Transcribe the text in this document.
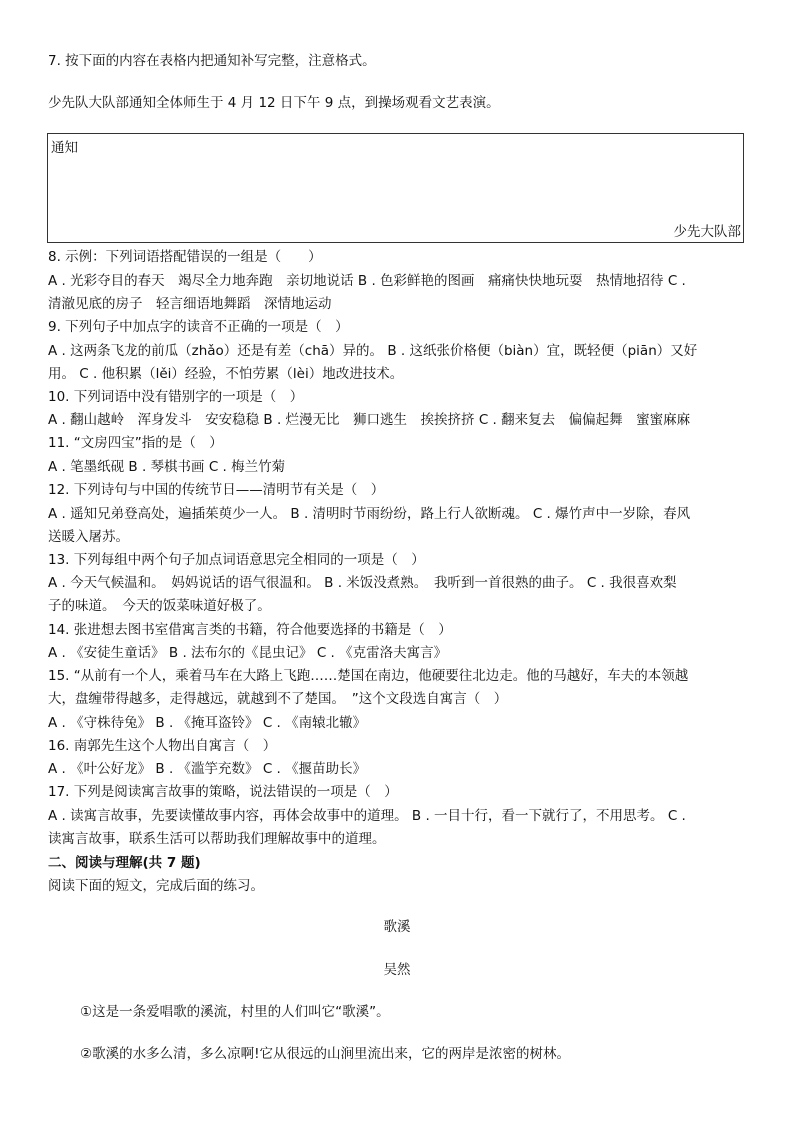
7. 按下面的内容在表格内把通知补写完整，注意格式。
少先队大队部通知全体师生于 4 月 12 日下午 9 点，到操场观看文艺表演。
通知
少先大队部
8. 示例：下列词语搭配错误的一组是（　　）
A . 光彩夺目的春天　竭尽全力地奔跑　亲切地说话 B . 色彩鲜艳的图画　痛痛快快地玩耍　热情地招待 C .
清澈见底的房子　轻言细语地舞蹈　深情地运动
9. 下列句子中加点字的读音不正确的一项是（　）
A . 这两条飞龙的前瓜（zhǎo）还是有差（chā）异的。 B . 这纸张价格便（biàn）宜，既轻便（piān）又好
用。 C . 他积累（lěi）经验，不怕劳累（lèi）地改进技术。
10. 下列词语中没有错别字的一项是（　）
A . 翻山越岭　浑身发斗　安安稳稳 B . 烂漫无比　狮口逃生　挨挨挤挤 C . 翻来复去　偏偏起舞　蜜蜜麻麻
11. “文房四宝”指的是（　）
A . 笔墨纸砚 B . 琴棋书画 C . 梅兰竹菊
12. 下列诗句与中国的传统节日——清明节有关是（　）
A . 遥知兄弟登高处，遍插茱萸少一人。 B . 清明时节雨纷纷，路上行人欲断魂。 C . 爆竹声中一岁除，春风
送暖入屠苏。
13. 下列每组中两个句子加点词语意思完全相同的一项是（　）
A . 今天气候温和。　妈妈说话的语气很温和。 B . 米饭没煮熟。　我听到一首很熟的曲子。 C . 我很喜欢梨
子的味道。　今天的饭菜味道好极了。
14. 张进想去图书室借寓言类的书籍，符合他要选择的书籍是（　）
A . 《安徒生童话》 B . 法布尔的《昆虫记》 C . 《克雷洛夫寓言》
15. “从前有一个人，乘着马车在大路上飞跑……楚国在南边，他硬要往北边走。他的马越好，车夫的本领越
大，盘缠带得越多，走得越远，就越到不了楚国。　”这个文段选自寓言（　）
A . 《守株待兔》 B . 《掩耳盗铃》 C . 《南辕北辙》
16. 南郭先生这个人物出自寓言（　）
A . 《叶公好龙》 B . 《滥竽充数》 C . 《揠苗助长》
17. 下列是阅读寓言故事的策略，说法错误的一项是（　）
A . 读寓言故事，先要读懂故事内容，再体会故事中的道理。 B . 一目十行，看一下就行了，不用思考。 C .
读寓言故事，联系生活可以帮助我们理解故事中的道理。
二、阅读与理解(共 7 题)
阅读下面的短文，完成后面的练习。
歌溪
吴然
①这是一条爱唱歌的溪流，村里的人们叫它“歌溪”。
②歌溪的水多么清，多么凉啊!它从很远的山涧里流出来，它的两岸是浓密的树林。
